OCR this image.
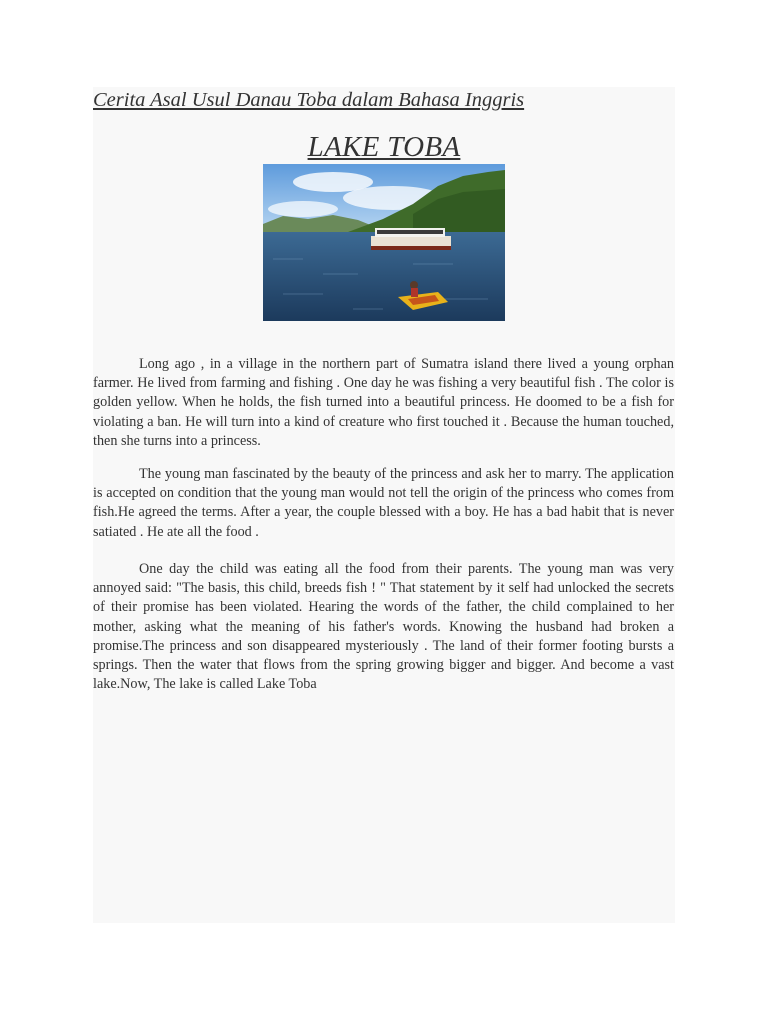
Cerita Asal Usul Danau Toba dalam Bahasa Inggris
LAKE TOBA

Long ago , in a village in the northern part of Sumatra island there lived a young orphan farmer. He lived from farming and fishing . One day he was fishing a very beautiful fish . The color is golden yellow. When he holds, the fish turned into a beautiful princess. He doomed to be a fish for violating a ban. He will turn into a kind of creature who first touched it . Because the human touched, then she turns into a princess.

The young man fascinated by the beauty of the princess and ask her to marry. The application is accepted on condition that the young man would not tell the origin of the princess who comes from fish.He agreed the terms. After a year, the couple blessed with a boy. He has a bad habit that is never satiated . He ate all the food .

One day the child was eating all the food from their parents. The young man was very annoyed said: "The basis, this child, breeds fish ! " That statement by it self had unlocked the secrets of their promise has been violated. Hearing the words of the father, the child complained to her mother, asking what the meaning of his father's words. Knowing the husband had broken a promise.The princess and son disappeared mysteriously . The land of their former footing bursts a springs. Then the water that flows from the spring growing bigger and bigger. And become a vast lake.Now, The lake is called Lake Toba
